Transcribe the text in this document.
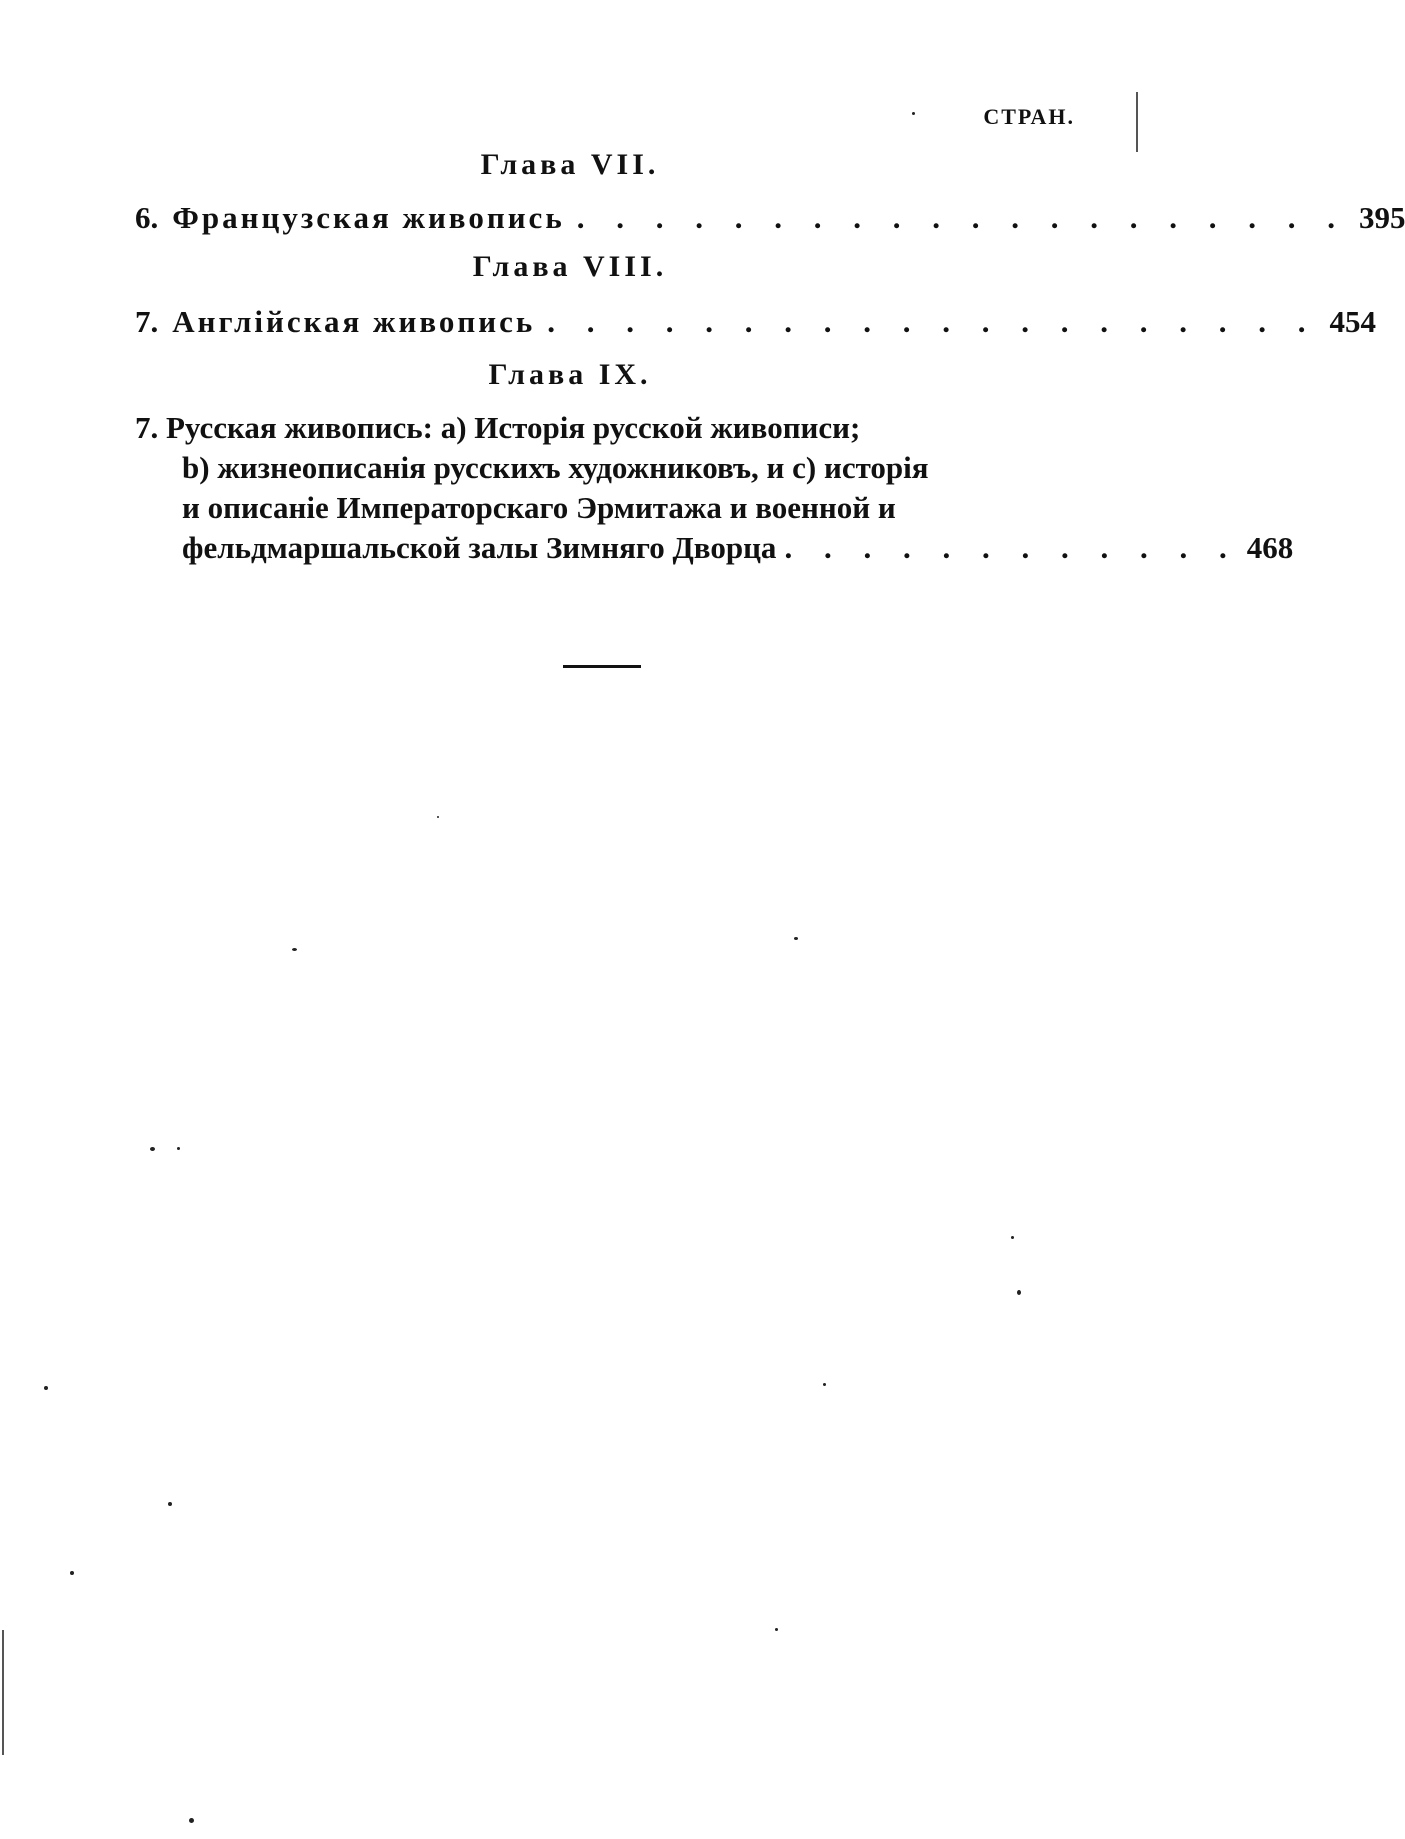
СТРАН.
Глава VII.
6. Французская живопись . . . . . . . . . . . . . . . . . . . . 395
Глава VIII.
7. Англійская живопись . . . . . . . . . . . . . . . . . . . . 454
Глава IX.
7. Русская живопись: a) Исторія русской живописи;
b) жизнеописанія русскихъ художниковъ, и c) исторія
и описаніе Императорскаго Эрмитажа и военной и
фельдмаршальской залы Зимняго Дворца . . . . . . . . . . . . 468
